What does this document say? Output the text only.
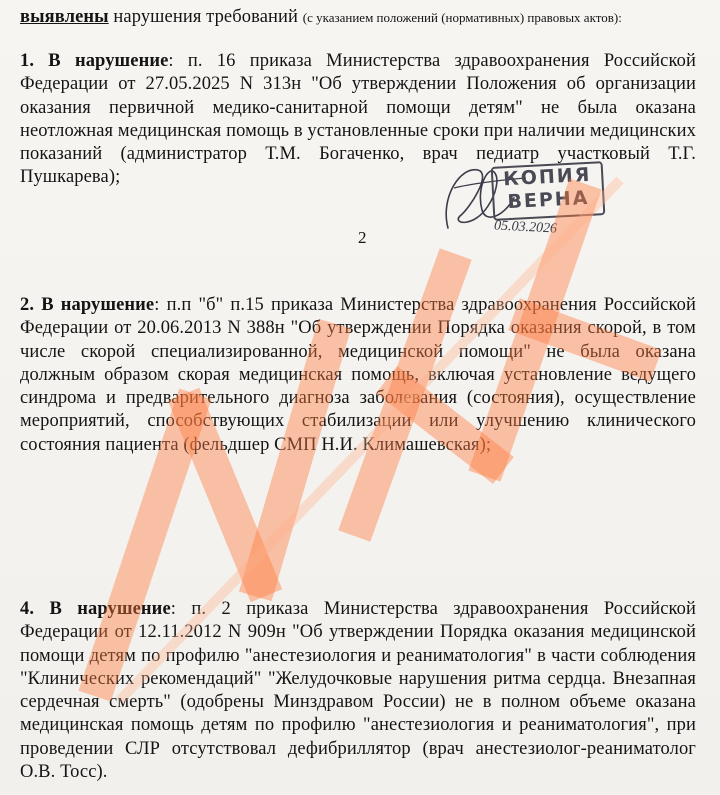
выявлены нарушения требований (с указанием положений (нормативных) правовых актов):
1. В нарушение: п. 16 приказа Министерства здравоохранения Российской Федерации от 27.05.2025 N 313н "Об утверждении Положения об организации оказания первичной медико-санитарной помощи детям" не была оказана неотложная медицинская помощь в установленные сроки при наличии медицинских показаний (администратор Т.М. Богаченко, врач педиатр участковый Т.Г. Пушкарева);
2
2. В нарушение: п.п "б" п.15 приказа Министерства здравоохранения Российской Федерации от 20.06.2013 N 388н "Об утверждении Порядка оказания скорой, в том числе скорой специализированной, медицинской помощи" не была оказана должным образом скорая медицинская помощь, включая установление ведущего синдрома и предварительного диагноза заболевания (состояния), осуществление мероприятий, способствующих стабилизации или улучшению клинического состояния пациента (фельдшер СМП Н.И. Климашевская);
4. В нарушение: п. 2 приказа Министерства здравоохранения Российской Федерации от 12.11.2012 N 909н "Об утверждении Порядка оказания медицинской помощи детям по профилю "анестезиология и реаниматология" в части соблюдения "Клинических рекомендаций" "Желудочковые нарушения ритма сердца. Внезапная сердечная смерть" (одобрены Минздравом России) не в полном объеме оказана медицинская помощь детям по профилю "анестезиология и реаниматология", при проведении СЛР отсутствовал дефибриллятор (врач анестезиолог-реаниматолог О.В. Тосс).
КОПИЯ
ВЕРНА
05.03.2026
